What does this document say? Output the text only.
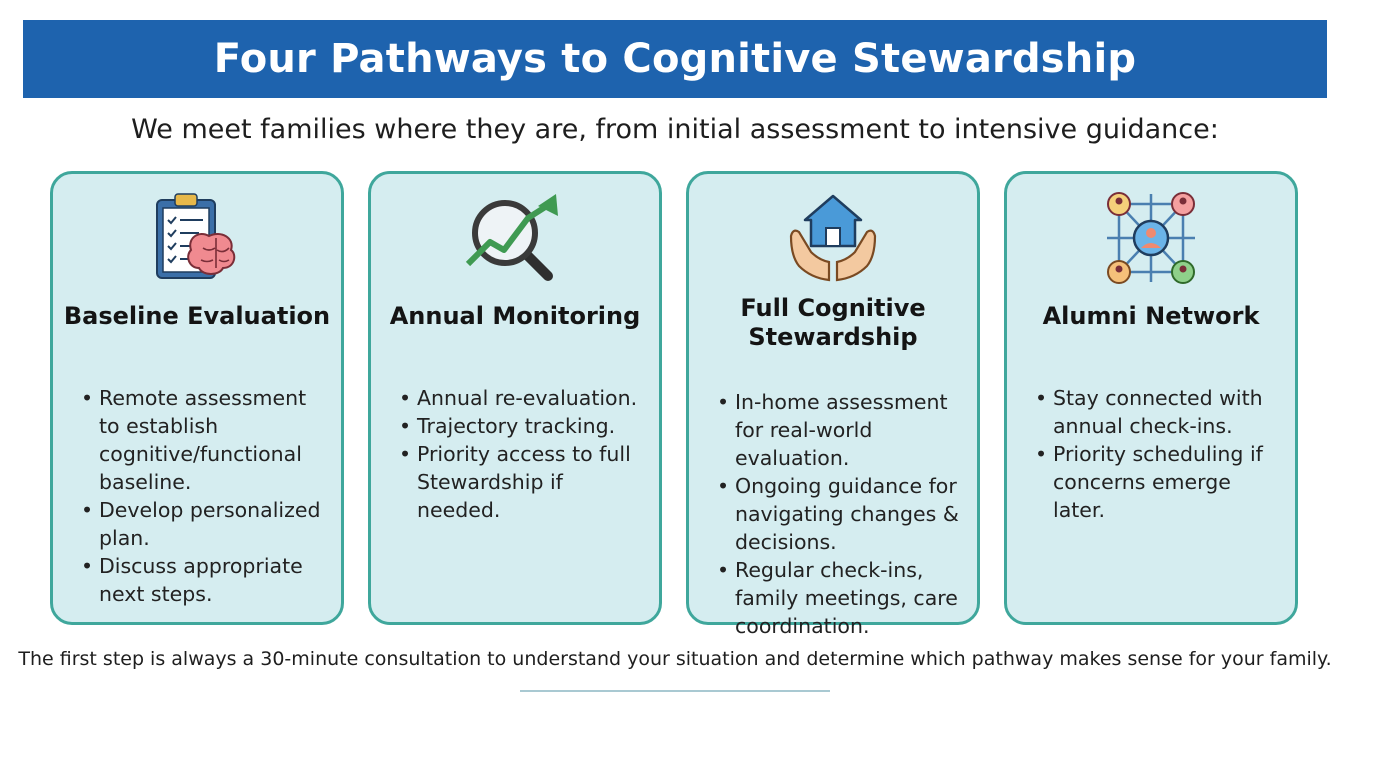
Four Pathways to Cognitive Stewardship
We meet families where they are, from initial assessment to intensive guidance:
Baseline Evaluation
• Remote assessment to establish cognitive/functional baseline.
• Develop personalized plan.
• Discuss appropriate next steps.
Annual Monitoring
• Annual re-evaluation.
• Trajectory tracking.
• Priority access to full Stewardship if needed.
Full Cognitive Stewardship
• In-home assessment for real-world evaluation.
• Ongoing guidance for navigating changes & decisions.
• Regular check-ins, family meetings, care coordination.
Alumni Network
• Stay connected with annual check-ins.
• Priority scheduling if concerns emerge later.
The first step is always a 30-minute consultation to understand your situation and determine which pathway makes sense for your family.
